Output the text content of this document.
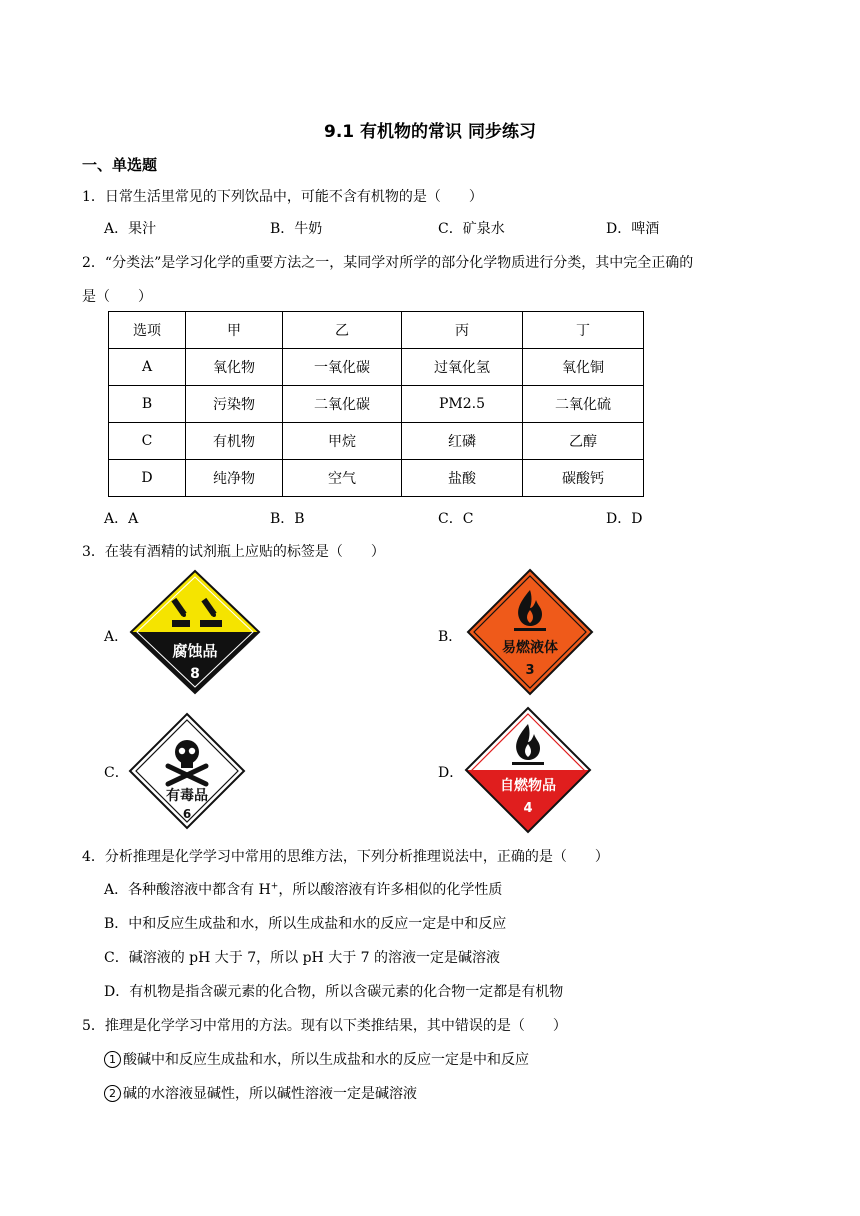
9.1 有机物的常识 同步练习
一、单选题
1．日常生活里常见的下列饮品中，可能不含有机物的是（　　）
A．果汁	B．牛奶	C．矿泉水	D．啤酒
2．“分类法”是学习化学的重要方法之一，某同学对所学的部分化学物质进行分类，其中完全正确的
是（　　）
选项	甲	乙	丙	丁
A	氧化物	一氧化碳	过氧化氢	氧化铜
B	污染物	二氧化碳	PM2.5	二氧化硫
C	有机物	甲烷	红磷	乙醇
D	纯净物	空气	盐酸	碳酸钙
A．A	B．B	C．C	D．D
3．在装有酒精的试剂瓶上应贴的标签是（　　）
A．
腐蚀品
8
B．
易燃液体
3
C．
有毒品
6
D．
自燃物品
4
4．分析推理是化学学习中常用的思维方法，下列分析推理说法中，正确的是（　　）
A．各种酸溶液中都含有 H+，所以酸溶液有许多相似的化学性质
B．中和反应生成盐和水，所以生成盐和水的反应一定是中和反应
C．碱溶液的 pH 大于 7，所以 pH 大于 7 的溶液一定是碱溶液
D．有机物是指含碳元素的化合物，所以含碳元素的化合物一定都是有机物
5．推理是化学学习中常用的方法。现有以下类推结果，其中错误的是（　　）
1 酸碱中和反应生成盐和水，所以生成盐和水的反应一定是中和反应
2 碱的水溶液显碱性，所以碱性溶液一定是碱溶液
